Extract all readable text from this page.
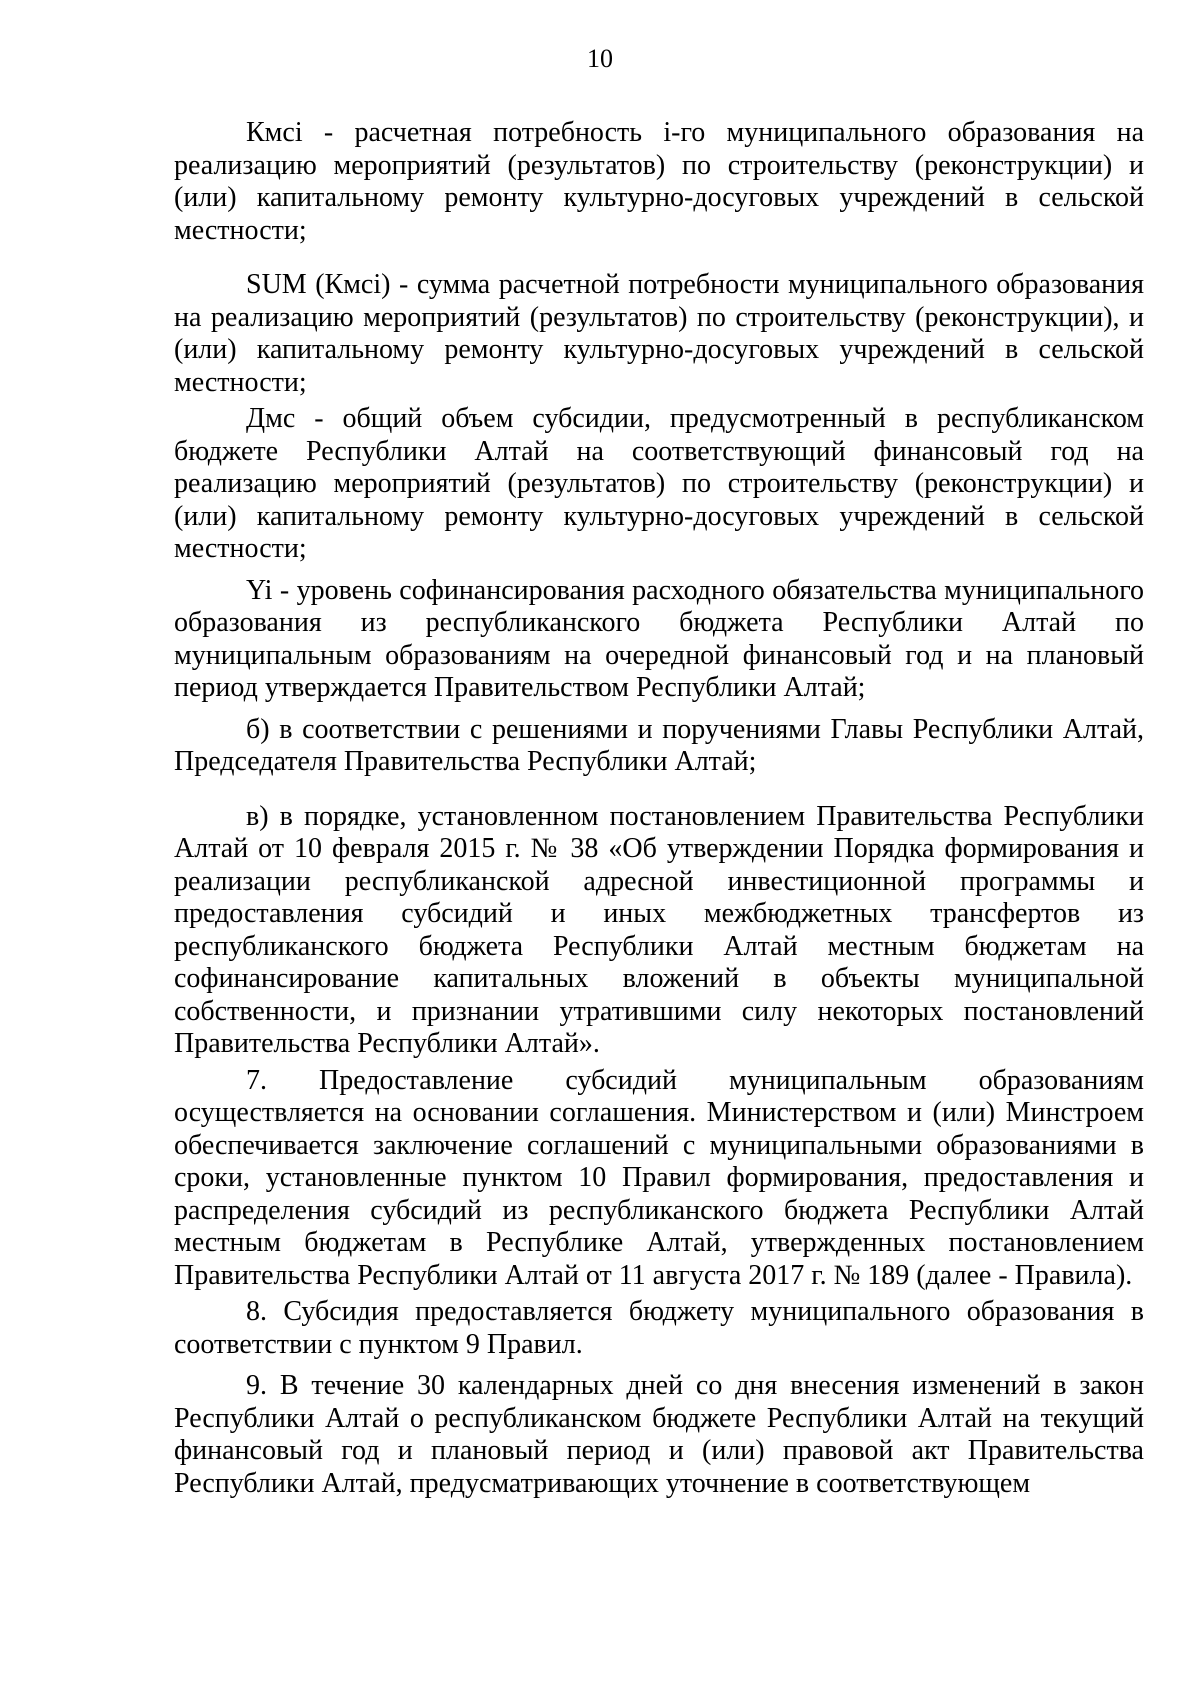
10

Кмсi - расчетная потребность i-го муниципального образования на реализацию мероприятий (результатов) по строительству (реконструкции) и (или) капитальному ремонту культурно-досуговых учреждений в сельской местности;

SUM (Кмсi) - сумма расчетной потребности муниципального образования на реализацию мероприятий (результатов) по строительству (реконструкции), и (или) капитальному ремонту культурно-досуговых учреждений в сельской местности;

Дмс - общий объем субсидии, предусмотренный в республиканском бюджете Республики Алтай на соответствующий финансовый год на реализацию мероприятий (результатов) по строительству (реконструкции) и (или) капитальному ремонту культурно-досуговых учреждений в сельской местности;

Yi - уровень софинансирования расходного обязательства муниципального образования из республиканского бюджета Республики Алтай по муниципальным образованиям на очередной финансовый год и на плановый период утверждается Правительством Республики Алтай;

б) в соответствии с решениями и поручениями Главы Республики Алтай, Председателя Правительства Республики Алтай;

в) в порядке, установленном постановлением Правительства Республики Алтай от 10 февраля 2015 г. № 38 «Об утверждении Порядка формирования и реализации республиканской адресной инвестиционной программы и предоставления субсидий и иных межбюджетных трансфертов из республиканского бюджета Республики Алтай местным бюджетам на софинансирование капитальных вложений в объекты муниципальной собственности, и признании утратившими силу некоторых постановлений Правительства Республики Алтай».

7. Предоставление субсидий муниципальным образованиям осуществляется на основании соглашения. Министерством и (или) Минстроем обеспечивается заключение соглашений с муниципальными образованиями в сроки, установленные пунктом 10 Правил формирования, предоставления и распределения субсидий из республиканского бюджета Республики Алтай местным бюджетам в Республике Алтай, утвержденных постановлением Правительства Республики Алтай от 11 августа 2017 г. № 189 (далее - Правила).

8. Субсидия предоставляется бюджету муниципального образования в соответствии с пунктом 9 Правил.

9. В течение 30 календарных дней со дня внесения изменений в закон Республики Алтай о республиканском бюджете Республики Алтай на текущий финансовый год и плановый период и (или) правовой акт Правительства Республики Алтай, предусматривающих уточнение в соответствующем
